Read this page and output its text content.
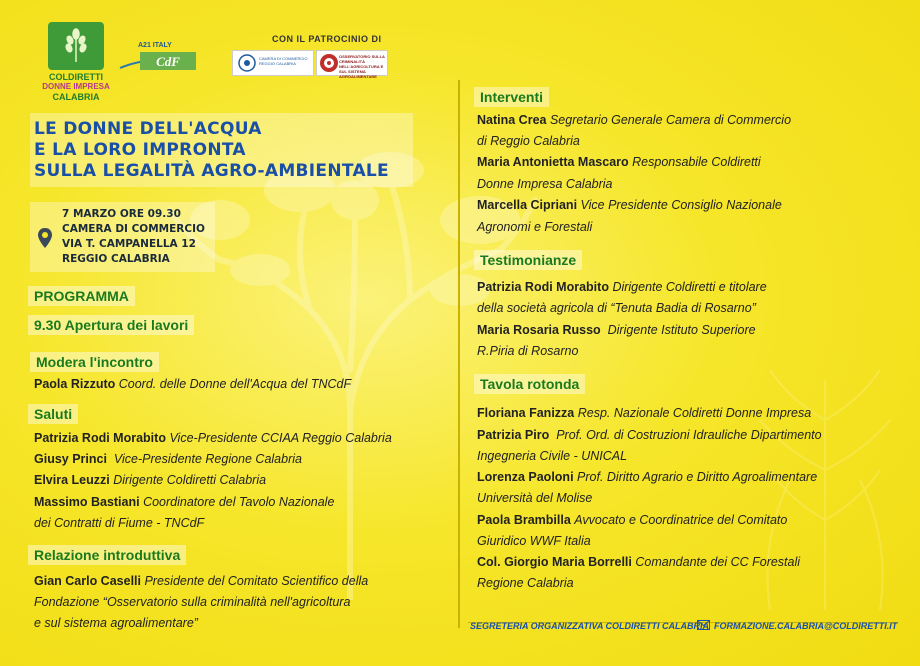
COLDIRETTI
DONNE IMPRESA
CALABRIA
A21 ITALY
CdF
CON IL PATROCINIO DI
CAMERA DI COMMERCIO REGGIO CALABRIA
OSSERVATORIO SULLA CRIMINALITÀ NELL'AGRICOLTURA E SUL SISTEMA AGROALIMENTARE
LE DONNE DELL'ACQUA
E LA LORO IMPRONTA
SULLA LEGALITÀ AGRO-AMBIENTALE
7 MARZO ORE 09.30
CAMERA DI COMMERCIO
VIA T. CAMPANELLA 12
REGGIO CALABRIA
PROGRAMMA
9.30 Apertura dei lavori
Modera l'incontro
Paola Rizzuto Coord. delle Donne dell'Acqua del TNCdF
Saluti
Patrizia Rodi Morabito Vice-Presidente CCIAA Reggio Calabria
Giusy Princi Vice-Presidente Regione Calabria
Elvira Leuzzi Dirigente Coldiretti Calabria
Massimo Bastiani Coordinatore del Tavolo Nazionale
dei Contratti di Fiume - TNCdF
Relazione introduttiva
Gian Carlo Caselli Presidente del Comitato Scientifico della
Fondazione “Osservatorio sulla criminalità nell'agricoltura
e sul sistema agroalimentare”
Interventi
Natina Crea Segretario Generale Camera di Commercio
di Reggio Calabria
Maria Antonietta Mascaro Responsabile Coldiretti
Donne Impresa Calabria
Marcella Cipriani Vice Presidente Consiglio Nazionale
Agronomi e Forestali
Testimonianze
Patrizia Rodi Morabito Dirigente Coldiretti e titolare
della società agricola di “Tenuta Badia di Rosarno”
Maria Rosaria Russo Dirigente Istituto Superiore
R.Piria di Rosarno
Tavola rotonda
Floriana Fanizza Resp. Nazionale Coldiretti Donne Impresa
Patrizia Piro Prof. Ord. di Costruzioni Idrauliche Dipartimento
Ingegneria Civile - UNICAL
Lorenza Paoloni Prof. Diritto Agrario e Diritto Agroalimentare
Università del Molise
Paola Brambilla Avvocato e Coordinatrice del Comitato
Giuridico WWF Italia
Col. Giorgio Maria Borrelli Comandante dei CC Forestali
Regione Calabria
SEGRETERIA ORGANIZZATIVA COLDIRETTI CALABRIA FORMAZIONE.CALABRIA@COLDIRETTI.IT
